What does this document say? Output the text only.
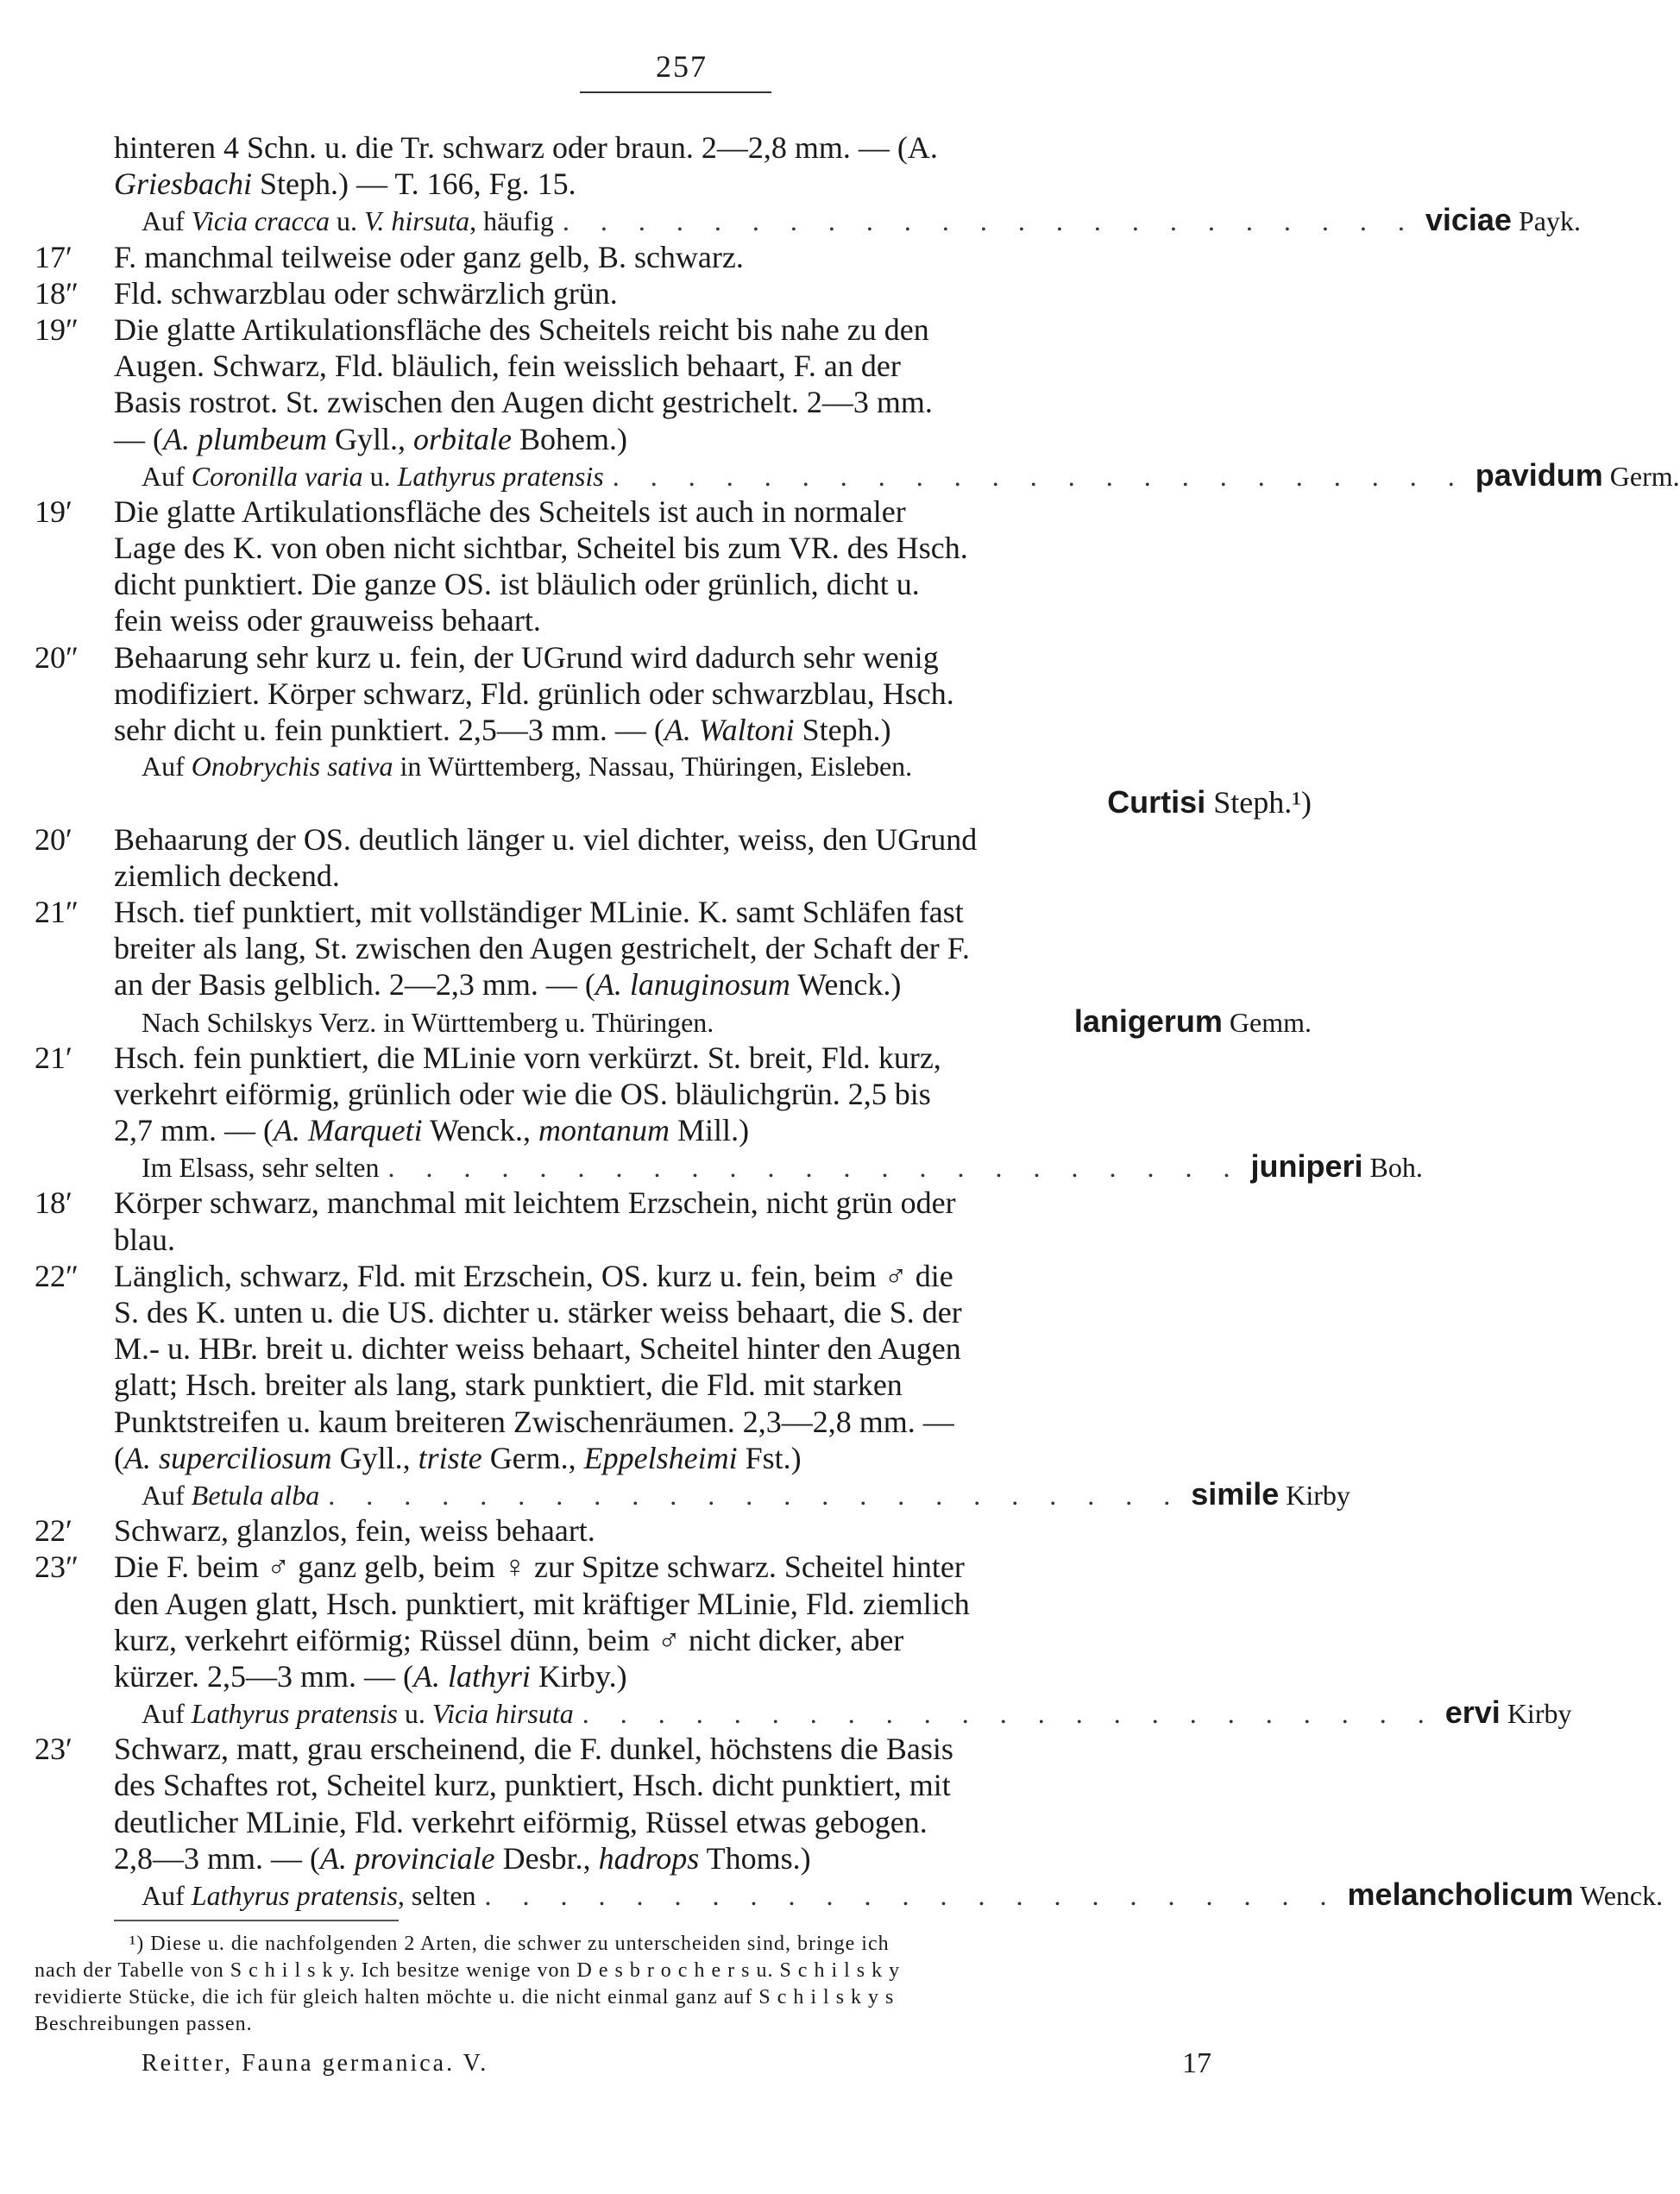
257
hinteren 4 Schn. u. die Tr. schwarz oder braun. 2—2,8 mm. — (A.
Griesbachi Steph.) — T. 166, Fg. 15.
Auf Vicia cracca u. V. hirsuta, häufig . . . . . . . . . . . . . . . . . . . . . . . viciae Payk.
17′	F. manchmal teilweise oder ganz gelb, B. schwarz.
18″	Fld. schwarzblau oder schwärzlich grün.
19″	Die glatte Artikulationsfläche des Scheitels reicht bis nahe zu den
Augen. Schwarz, Fld. bläulich, fein weisslich behaart, F. an der
Basis rostrot. St. zwischen den Augen dicht gestrichelt. 2—3 mm.
— (A. plumbeum Gyll., orbitale Bohem.)
Auf Coronilla varia u. Lathyrus pratensis . . . . . . . . . . . . . . . . . . . . . . . pavidum Germ.
19′	Die glatte Artikulationsfläche des Scheitels ist auch in normaler
Lage des K. von oben nicht sichtbar, Scheitel bis zum VR. des Hsch.
dicht punktiert. Die ganze OS. ist bläulich oder grünlich, dicht u.
fein weiss oder grauweiss behaart.
20″	Behaarung sehr kurz u. fein, der UGrund wird dadurch sehr wenig
modifiziert. Körper schwarz, Fld. grünlich oder schwarzblau, Hsch.
sehr dicht u. fein punktiert. 2,5—3 mm. — (A. Waltoni Steph.)
Auf Onobrychis sativa in Württemberg, Nassau, Thüringen, Eisleben.
Curtisi Steph.¹)
20′	Behaarung der OS. deutlich länger u. viel dichter, weiss, den UGrund
ziemlich deckend.
21″	Hsch. tief punktiert, mit vollständiger MLinie. K. samt Schläfen fast
breiter als lang, St. zwischen den Augen gestrichelt, der Schaft der F.
an der Basis gelblich. 2—2,3 mm. — (A. lanuginosum Wenck.)
Nach Schilskys Verz. in Württemberg u. Thüringen.	lanigerum Gemm.
21′	Hsch. fein punktiert, die MLinie vorn verkürzt. St. breit, Fld. kurz,
verkehrt eiförmig, grünlich oder wie die OS. bläulichgrün. 2,5 bis
2,7 mm. — (A. Marqueti Wenck., montanum Mill.)
Im Elsass, sehr selten . . . . . . . . . . . . . . . . . . . . . . . juniperi Boh.
18′	Körper schwarz, manchmal mit leichtem Erzschein, nicht grün oder
blau.
22″	Länglich, schwarz, Fld. mit Erzschein, OS. kurz u. fein, beim ♂ die
S. des K. unten u. die US. dichter u. stärker weiss behaart, die S. der
M.- u. HBr. breit u. dichter weiss behaart, Scheitel hinter den Augen
glatt; Hsch. breiter als lang, stark punktiert, die Fld. mit starken
Punktstreifen u. kaum breiteren Zwischenräumen. 2,3—2,8 mm. —
(A. superciliosum Gyll., triste Germ., Eppelsheimi Fst.)
Auf Betula alba . . . . . . . . . . . . . . . . . . . . . . . simile Kirby
22′	Schwarz, glanzlos, fein, weiss behaart.
23″	Die F. beim ♂ ganz gelb, beim ♀ zur Spitze schwarz. Scheitel hinter
den Augen glatt, Hsch. punktiert, mit kräftiger MLinie, Fld. ziemlich
kurz, verkehrt eiförmig; Rüssel dünn, beim ♂ nicht dicker, aber
kürzer. 2,5—3 mm. — (A. lathyri Kirby.)
Auf Lathyrus pratensis u. Vicia hirsuta . . . . . . . . . . . . . . . . . . . . . . . ervi Kirby
23′	Schwarz, matt, grau erscheinend, die F. dunkel, höchstens die Basis
des Schaftes rot, Scheitel kurz, punktiert, Hsch. dicht punktiert, mit
deutlicher MLinie, Fld. verkehrt eiförmig, Rüssel etwas gebogen.
2,8—3 mm. — (A. provinciale Desbr., hadrops Thoms.)
Auf Lathyrus pratensis, selten . . . . . . . . . . . . . . . . . . . . . . . melancholicum Wenck.
¹) Diese u. die nachfolgenden 2 Arten, die schwer zu unterscheiden sind, bringe ich
nach der Tabelle von S c h i l s k y. Ich besitze wenige von D e s b r o c h e r s u. S c h i l s k y
revidierte Stücke, die ich für gleich halten möchte u. die nicht einmal ganz auf S c h i l s k y s
Beschreibungen passen.
Reitter, Fauna germanica. V.	17
